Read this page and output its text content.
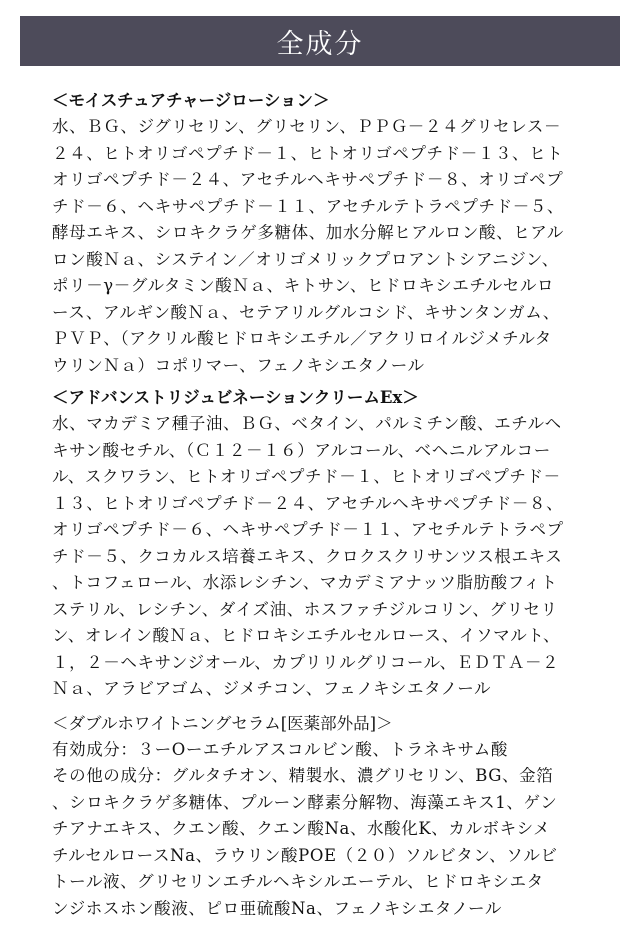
全成分
＜モイスチュアチャージローション＞
水、ＢＧ、ジグリセリン、グリセリン、ＰＰＧ－２４グリセレス－
２４、ヒトオリゴペプチド－１、ヒトオリゴペプチド－１３、ヒト
オリゴペプチド－２４、アセチルヘキサペプチド－８、オリゴペプ
チド－６、ヘキサペプチド－１１、アセチルテトラペプチド－５、
酵母エキス、シロキクラゲ多糖体、加水分解ヒアルロン酸、ヒアル
ロン酸Ｎａ、システイン／オリゴメリックプロアントシアニジン、
ポリ－γ－グルタミン酸Ｎａ、キトサン、ヒドロキシエチルセルロ
ース、アルギン酸Ｎａ、セテアリルグルコシド、キサンタンガム、
ＰＶＰ、（アクリル酸ヒドロキシエチル／アクリロイルジメチルタ
ウリンＮａ）コポリマー、フェノキシエタノール
＜アドバンストリジュビネーションクリームEx＞
水、マカデミア種子油、ＢＧ、ベタイン、パルミチン酸、エチルヘ
キサン酸セチル、（Ｃ１２－１６）アルコール、ベヘニルアルコー
ル、スクワラン、ヒトオリゴペプチド－１、ヒトオリゴペプチド－
１３、ヒトオリゴペプチド－２４、アセチルヘキサペプチド－８、
オリゴペプチド－６、ヘキサペプチド－１１、アセチルテトラペプ
チド－５、クコカルス培養エキス、クロクスクリサンツス根エキス
、トコフェロール、水添レシチン、マカデミアナッツ脂肪酸フィト
ステリル、レシチン、ダイズ油、ホスファチジルコリン、グリセリ
ン、オレイン酸Ｎａ、ヒドロキシエチルセルロース、イソマルト、
１，２－ヘキサンジオール、カプリリルグリコール、ＥＤＴＡ－２
Ｎａ、アラビアゴム、ジメチコン、フェノキシエタノール
＜ダブルホワイトニングセラム[医薬部外品]＞
有効成分：３ーOーエチルアスコルビン酸、トラネキサム酸
その他の成分：グルタチオン、精製水、濃グリセリン、BG、金箔
、シロキクラゲ多糖体、プルーン酵素分解物、海藻エキス1、ゲン
チアナエキス、クエン酸、クエン酸Na、水酸化K、カルボキシメ
チルセルロースNa、ラウリン酸POE（２０）ソルビタン、ソルビ
トール液、グリセリンエチルヘキシルエーテル、ヒドロキシエタ
ンジホスホン酸液、ピロ亜硫酸Na、フェノキシエタノール
